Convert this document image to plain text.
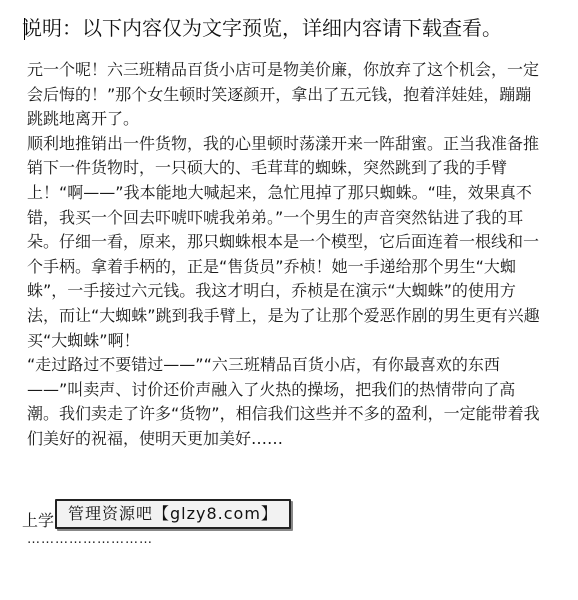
说明：以下内容仅为文字预览，详细内容请下载查看。

元一个呢！六三班精品百货小店可是物美价廉，你放弃了这个机会，一定会后悔的！”那个女生顿时笑逐颜开，拿出了五元钱，抱着洋娃娃，蹦蹦跳跳地离开了。

顺利地推销出一件货物，我的心里顿时荡漾开来一阵甜蜜。正当我准备推销下一件货物时，一只硕大的、毛茸茸的蜘蛛，突然跳到了我的手臂上！“啊——”我本能地大喊起来，急忙甩掉了那只蜘蛛。“哇，效果真不错，我买一个回去吓唬吓唬我弟弟。”一个男生的声音突然钻进了我的耳朵。仔细一看，原来，那只蜘蛛根本是一个模型，它后面连着一根线和一个手柄。拿着手柄的，正是“售货员”乔桢！她一手递给那个男生“大蜘蛛”，一手接过六元钱。我这才明白，乔桢是在演示“大蜘蛛”的使用方法，而让“大蜘蛛”跳到我手臂上，是为了让那个爱恶作剧的男生更有兴趣买“大蜘蛛”啊！

“走过路过不要错过——”“六三班精品百货小店，有你最喜欢的东西——”叫卖声、讨价还价声融入了火热的操场，把我们的热情带向了高潮。我们卖走了许多“货物”，相信我们这些并不多的盈利，一定能带着我们美好的祝福，使明天更加美好……

上学 管理资源吧【glzy8.com】
………………………
